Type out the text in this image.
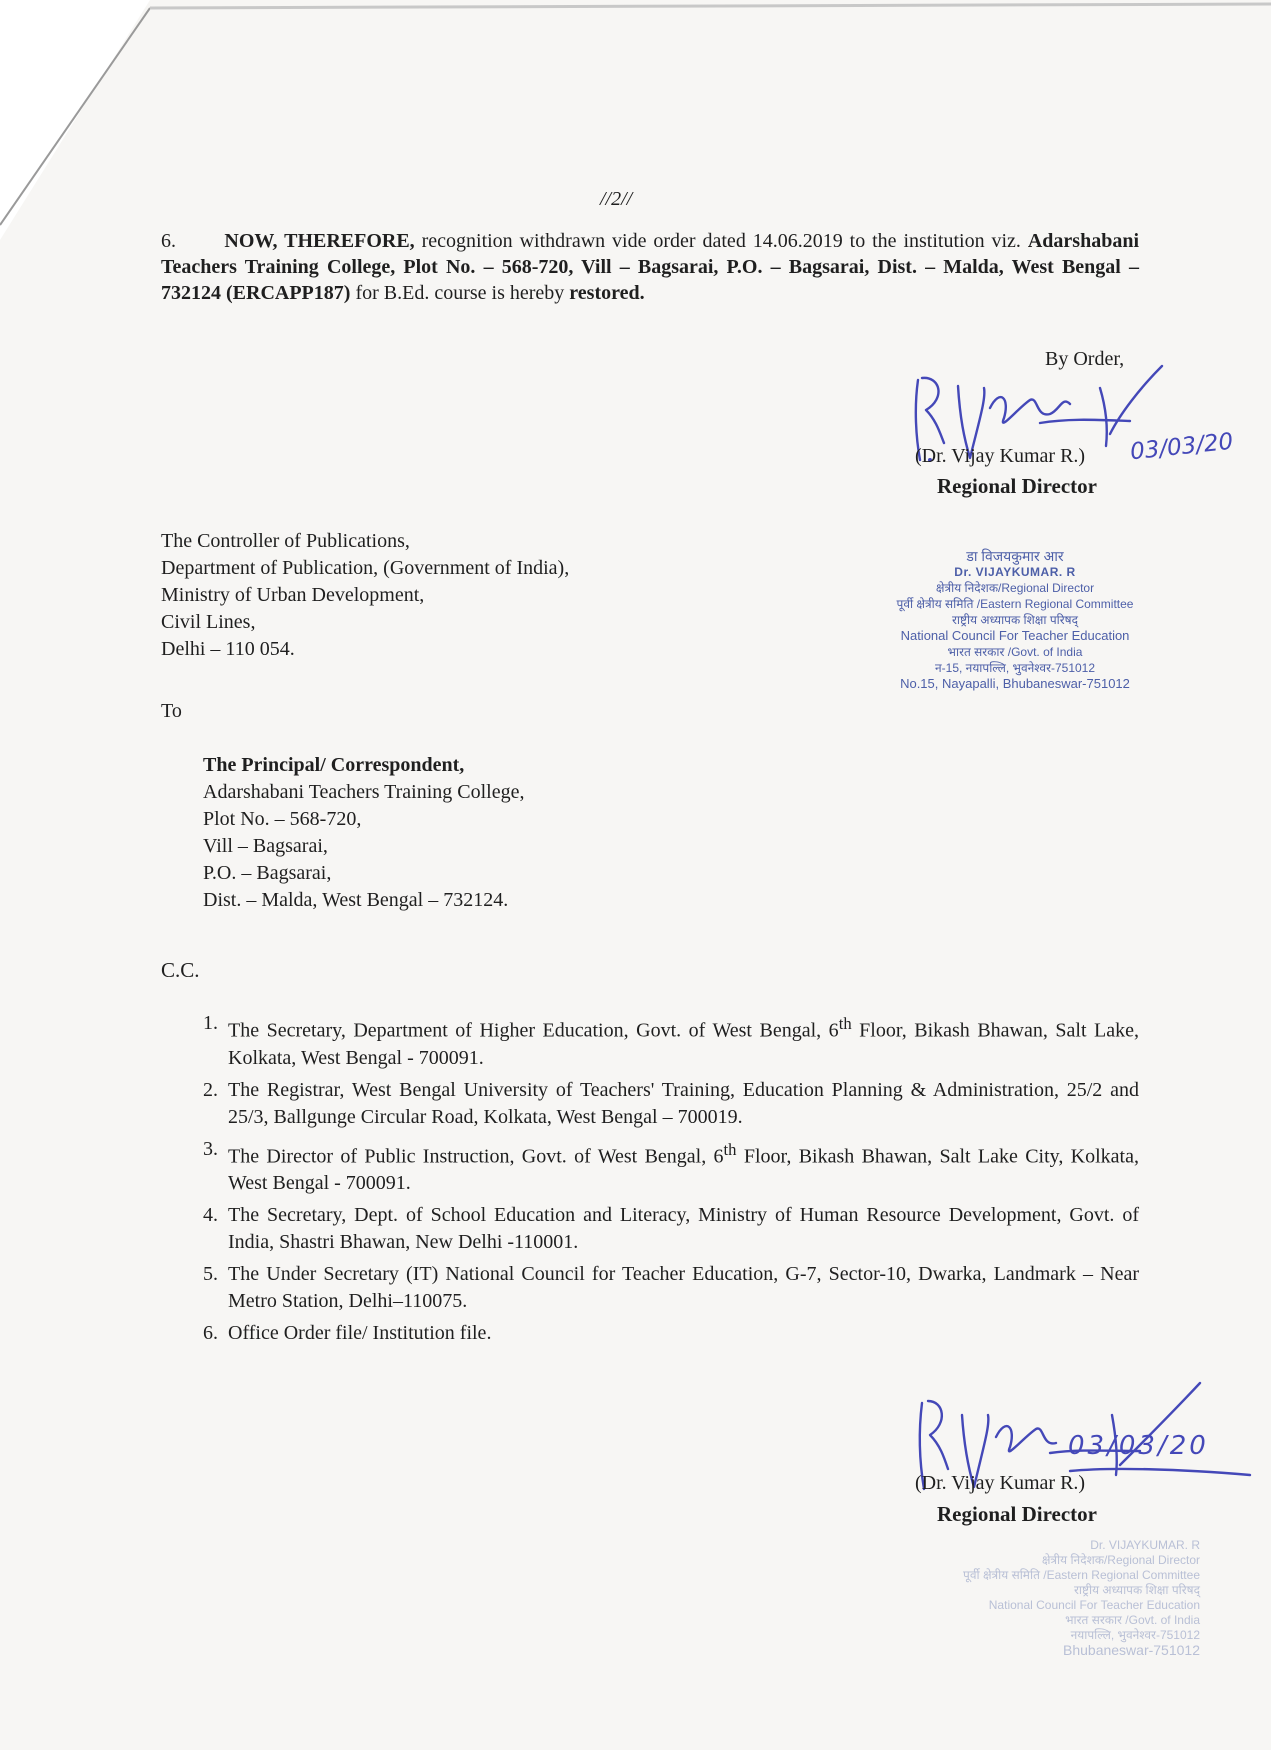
//2//
6. NOW, THEREFORE, recognition withdrawn vide order dated 14.06.2019 to the institution viz. Adarshabani Teachers Training College, Plot No. – 568-720, Vill – Bagsarai, P.O. – Bagsarai, Dist. – Malda, West Bengal – 732124 (ERCAPP187) for B.Ed. course is hereby restored.
By Order,
(Dr. Vijay Kumar R.) 03/03/20
Regional Director
डा विजयकुमार आर
Dr. VIJAYKUMAR. R
क्षेत्रीय निदेशक/Regional Director
पूर्वी क्षेत्रीय समिति /Eastern Regional Committee
राष्ट्रीय अध्यापक शिक्षा परिषद्
National Council For Teacher Education
भारत सरकार /Govt. of India
न-15, नयापल्लि, भुवनेश्वर-751012
No.15, Nayapalli, Bhubaneswar-751012
The Controller of Publications,
Department of Publication, (Government of India),
Ministry of Urban Development,
Civil Lines,
Delhi – 110 054.
To
The Principal/ Correspondent,
Adarshabani Teachers Training College,
Plot No. – 568-720,
Vill – Bagsarai,
P.O. – Bagsarai,
Dist. – Malda, West Bengal – 732124.
C.C.
1. The Secretary, Department of Higher Education, Govt. of West Bengal, 6th Floor, Bikash Bhawan, Salt Lake, Kolkata, West Bengal - 700091.
2. The Registrar, West Bengal University of Teachers' Training, Education Planning & Administration, 25/2 and 25/3, Ballgunge Circular Road, Kolkata, West Bengal – 700019.
3. The Director of Public Instruction, Govt. of West Bengal, 6th Floor, Bikash Bhawan, Salt Lake City, Kolkata, West Bengal - 700091.
4. The Secretary, Dept. of School Education and Literacy, Ministry of Human Resource Development, Govt. of India, Shastri Bhawan, New Delhi -110001.
5. The Under Secretary (IT) National Council for Teacher Education, G-7, Sector-10, Dwarka, Landmark – Near Metro Station, Delhi–110075.
6. Office Order file/ Institution file.
03/03/20
(Dr. Vijay Kumar R.)
Regional Director
Dr. VIJAYKUMAR. R
क्षेत्रीय निदेशक/Regional Director
पूर्वी क्षेत्रीय समिति /Eastern Regional Committee
राष्ट्रीय अध्यापक शिक्षा परिषद्
National Council For Teacher Education
भारत सरकार /Govt. of India
नयापल्लि, भुवनेश्वर-751012
Bhubaneswar-751012
